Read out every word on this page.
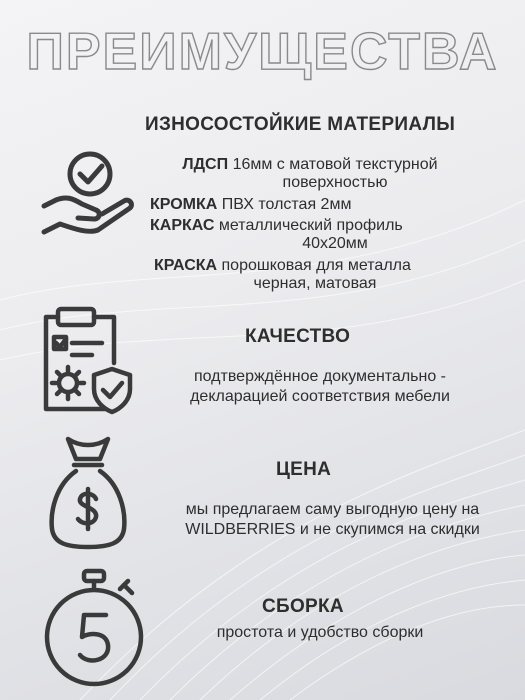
ПРЕИМУЩЕСТВА
ИЗНОСОСТОЙКИЕ МАТЕРИАЛЫ
ЛДСП 16мм с матовой текстурной
поверхностью
КРОМКА ПВХ толстая 2мм
КАРКАС металлический профиль
40х20мм
КРАСКА порошковая для металла
черная, матовая
КАЧЕСТВО
подтверждённое документально -
декларацией соответствия мебели
ЦЕНА
мы предлагаем саму выгодную цену на
WILDBERRIES и не скупимся на скидки
СБОРКА
простота и удобство сборки
